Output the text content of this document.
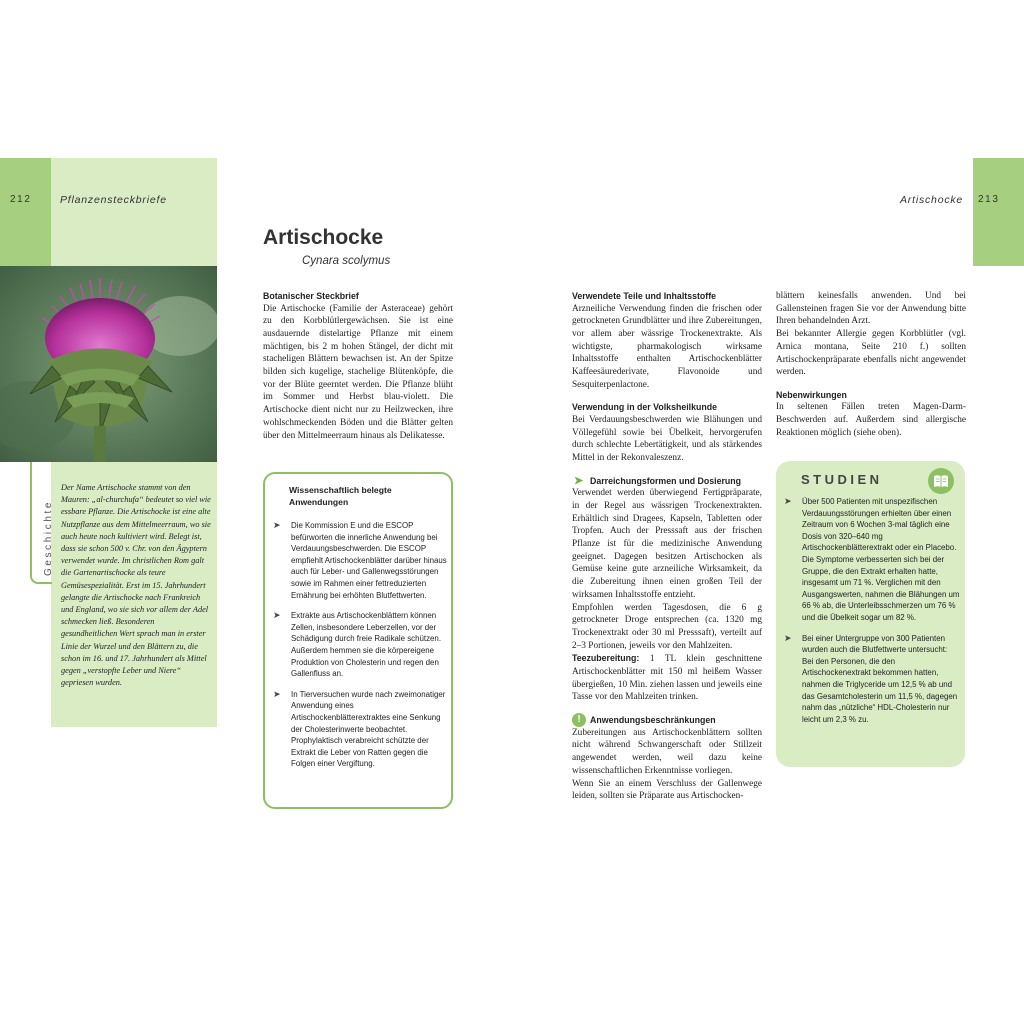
212	Pflanzensteckbriefe	213
Artischocke
Geschichte
Der Name Artischocke stammt von den Mauren: „al-churchufa“ bedeutet so viel wie essbare Pflanze. Die Artischocke ist eine alte Nutzpflanze aus dem Mittelmeerraum, wo sie auch heute noch kultiviert wird. Belegt ist, dass sie schon 500 v. Chr. von den Ägyptern verwendet wurde. Im christlichen Rom galt die Gartenartischocke als teure Gemüsespezialität. Erst im 15. Jahrhundert gelangte die Artischocke nach Frankreich und England, wo sie sich vor allem der Adel schmecken ließ. Besonderen gesundheitlichen Wert sprach man in erster Linie der Wurzel und den Blättern zu, die schon im 16. und 17. Jahrhundert als Mittel gegen „verstopfte Leber und Niere“ gepriesen wurden.
Artischocke
Cynara scolymus
Botanischer Steckbrief
Die Artischocke (Familie der Asteraceae) gehört zu den Korbblütlergewächsen. Sie ist eine ausdauernde distelartige Pflanze mit einem mächtigen, bis 2 m hohen Stängel, der dicht mit stacheligen Blättern bewachsen ist. An der Spitze bilden sich kugelige, stachelige Blütenköpfe, die vor der Blüte geerntet werden. Die Pflanze blüht im Sommer und Herbst blau-violett. Die Artischocke dient nicht nur zu Heilzwecken, ihre wohlschmeckenden Böden und die Blätter gelten über den Mittelmeerraum hinaus als Delikatesse.
Wissenschaftlich belegte Anwendungen
➤ Die Kommission E und die ESCOP befürworten die innerliche Anwendung bei Verdauungsbeschwerden. Die ESCOP empfiehlt Artischockenblätter darüber hinaus auch für Leber- und Gallenwegsstörungen sowie im Rahmen einer fettreduzierten Ernährung bei erhöhten Blutfettwerten.
➤ Extrakte aus Artischockenblättern können Zellen, insbesondere Leberzellen, vor der Schädigung durch freie Radikale schützen. Außerdem hemmen sie die körpereigene Produktion von Cholesterin und regen den Gallenfluss an.
➤ In Tierversuchen wurde nach zweimonatiger Anwendung eines Artischockenblätterextraktes eine Senkung der Cholesterinwerte beobachtet. Prophylaktisch verabreicht schützte der Extrakt die Leber von Ratten gegen die Folgen einer Vergiftung.
Verwendete Teile und Inhaltsstoffe
Arzneiliche Verwendung finden die frischen oder getrockneten Grundblätter und ihre Zubereitungen, vor allem aber wässrige Trockenextrakte. Als wichtigste, pharmakologisch wirksame Inhaltsstoffe enthalten Artischockenblätter Kaffeesäurederivate, Flavonoide und Sesquiterpenlactone.
Verwendung in der Volksheilkunde
Bei Verdauungsbeschwerden wie Blähungen und Völlegefühl sowie bei Übelkeit, hervorgerufen durch schlechte Lebertätigkeit, und als stärkendes Mittel in der Rekonvaleszenz.
➤ Darreichungsformen und Dosierung
Verwendet werden überwiegend Fertigpräparate, in der Regel aus wässrigen Trockenextrakten. Erhältlich sind Dragees, Kapseln, Tabletten oder Tropfen. Auch der Presssaft aus der frischen Pflanze ist für die medizinische Anwendung geeignet. Dagegen besitzen Artischocken als Gemüse keine gute arzneiliche Wirksamkeit, da die Zubereitung ihnen einen großen Teil der wirksamen Inhaltsstoffe entzieht.
Empfohlen werden Tagesdosen, die 6 g getrockneter Droge entsprechen (ca. 1320 mg Trockenextrakt oder 30 ml Presssaft), verteilt auf 2–3 Portionen, jeweils vor den Mahlzeiten.
Teezubereitung: 1 TL klein geschnittene Artischockenblätter mit 150 ml heißem Wasser übergießen, 10 Min. ziehen lassen und jeweils eine Tasse vor den Mahlzeiten trinken.
!	Anwendungsbeschränkungen
Zubereitungen aus Artischockenblättern sollten nicht während Schwangerschaft oder Stillzeit angewendet werden, weil dazu keine wissenschaftlichen Erkenntnisse vorliegen.
Wenn Sie an einem Verschluss der Gallenwege leiden, sollten sie Präparate aus Artischocken-
blättern keinesfalls anwenden. Und bei Gallensteinen fragen Sie vor der Anwendung bitte Ihren behandelnden Arzt.
Bei bekannter Allergie gegen Korbblütler (vgl. Arnica montana, Seite 210 f.) sollten Artischockenpräparate ebenfalls nicht angewendet werden.
Nebenwirkungen
In seltenen Fällen treten Magen-Darm-Beschwerden auf. Außerdem sind allergische Reaktionen möglich (siehe oben).
STUDIEN
➤ Über 500 Patienten mit unspezifischen Verdauungsstörungen erhielten über einen Zeitraum von 6 Wochen 3-mal täglich eine Dosis von 320–640 mg Artischockenblätterextrakt oder ein Placebo. Die Symptome verbesserten sich bei der Gruppe, die den Extrakt erhalten hatte, insgesamt um 71 %. Verglichen mit den Ausgangswerten, nahmen die Blähungen um 66 % ab, die Unterleibsschmerzen um 76 % und die Übelkeit sogar um 82 %.
➤ Bei einer Untergruppe von 300 Patienten wurden auch die Blutfettwerte untersucht: Bei den Personen, die den Artischockenextrakt bekommen hatten, nahmen die Triglyceride um 12,5 % ab und das Gesamtcholesterin um 11,5 %, dagegen nahm das „nützliche“ HDL-Cholesterin nur leicht um 2,3 % zu.
